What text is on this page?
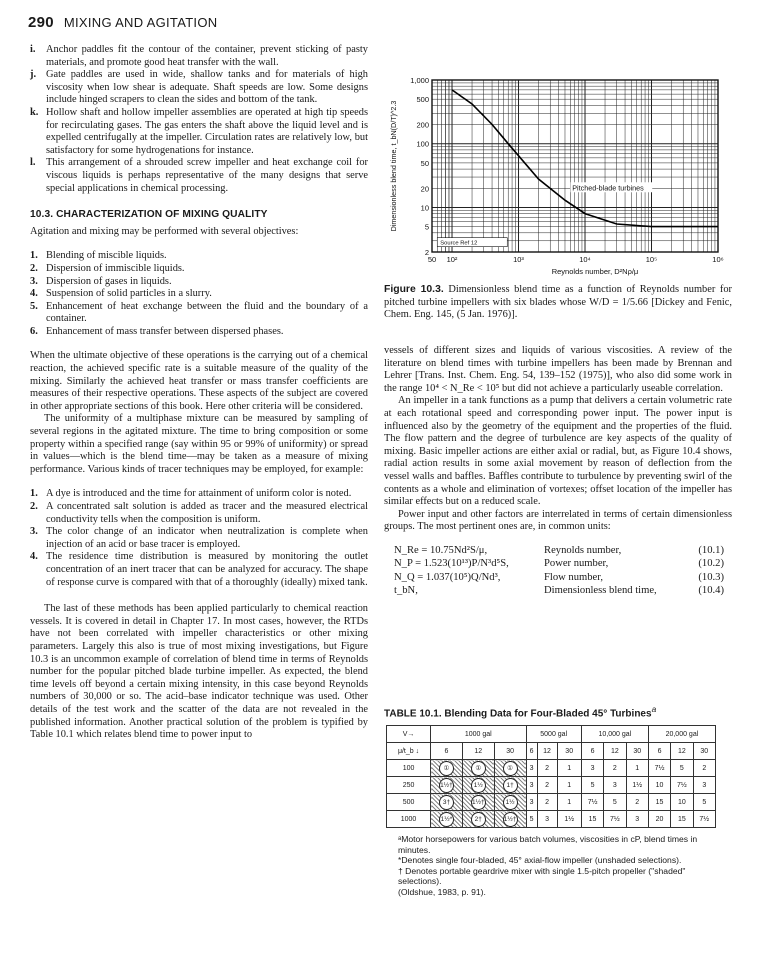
290 MIXING AND AGITATION
i. Anchor paddles fit the contour of the container, prevent sticking of pasty materials, and promote good heat transfer with the wall.
j. Gate paddles are used in wide, shallow tanks and for materials of high viscosity when low shear is adequate. Shaft speeds are low. Some designs include hinged scrapers to clean the sides and bottom of the tank.
k. Hollow shaft and hollow impeller assemblies are operated at high tip speeds for recirculating gases. The gas enters the shaft above the liquid level and is expelled centrifugally at the impeller. Circulation rates are relatively low, but satisfactory for some hydrogenations for instance.
l. This arrangement of a shrouded screw impeller and heat exchange coil for viscous liquids is perhaps representative of the many designs that serve special applications in chemical processing.
10.3. CHARACTERIZATION OF MIXING QUALITY

Agitation and mixing may be performed with several objectives:

1. Blending of miscible liquids.
2. Dispersion of immiscible liquids.
3. Dispersion of gases in liquids.
4. Suspension of solid particles in a slurry.
5. Enhancement of heat exchange between the fluid and the boundary of a container.
6. Enhancement of mass transfer between dispersed phases.

When the ultimate objective of these operations is the carrying out of a chemical reaction, the achieved specific rate is a suitable measure of the quality of the mixing. Similarly the achieved heat transfer or mass transfer coefficients are measures of their respective operations. These aspects of the subject are covered in other appropriate sections of this book. Here other criteria will be considered.

The uniformity of a multiphase mixture can be measured by sampling of several regions in the agitated mixture. The time to bring composition or some property within a specified range (say within 95 or 99% of uniformity) or spread in values—which is the blend time—may be taken as a measure of mixing performance. Various kinds of tracer techniques may be employed, for example:

1. A dye is introduced and the time for attainment of uniform color is noted.
2. A concentrated salt solution is added as tracer and the measured electrical conductivity tells when the composition is uniform.
3. The color change of an indicator when neutralization is complete when injection of an acid or base tracer is employed.
4. The residence time distribution is measured by monitoring the outlet concentration of an inert tracer that can be analyzed for accuracy. The shape of response curve is compared with that of a thoroughly (ideally) mixed tank.

The last of these methods has been applied particularly to chemical reaction vessels. It is covered in detail in Chapter 17. In most cases, however, the RTDs have not been correlated with impeller characteristics or other mixing parameters. Largely this also is true of most mixing investigations, but Figure 10.3 is an uncommon example of correlation of blend time in terms of Reynolds number for the popular pitched blade turbine impeller. As expected, the blend time levels off beyond a certain mixing intensity, in this case beyond Reynolds numbers of 30,000 or so. The acid–base indicator technique was used. Other details of the test work and the scatter of the data are not revealed in the published information. Another practical solution of the problem is typified by Table 10.1 which relates blend time to power input to

1,000
500
200
100
50
20
10
5
2
50 10²	10³	10⁴	10⁵	10⁶
Reynolds number, D²Nρ/μ
Dimensionless blend time, t_bN(D/T)^2.3	Pitched-blade turbines
Source Ref 12
Figure 10.3. Dimensionless blend time as a function of Reynolds number for pitched turbine impellers with six blades whose W/D = 1/5.66 [Dickey and Fenic, Chem. Eng. 145, (5 Jan. 1976)].

vessels of different sizes and liquids of various viscosities. A review of the literature on blend times with turbine impellers has been made by Brennan and Lehrer [Trans. Inst. Chem. Eng. 54, 139–152 (1975)], who also did some work in the range 10⁴ < N_Re < 10⁵ but did not achieve a particularly useable correlation.

An impeller in a tank functions as a pump that delivers a certain volumetric rate at each rotational speed and corresponding power input. The power input is influenced also by the geometry of the equipment and the properties of the fluid. The flow pattern and the degree of turbulence are key aspects of the quality of mixing. Basic impeller actions are either axial or radial, but, as Figure 10.4 shows, radial action results in some axial movement by reason of deflection from the vessel walls and baffles. Baffles contribute to turbulence by preventing swirl of the contents as a whole and elimination of vortexes; offset location of the impeller has similar effects but on a reduced scale.

Power input and other factors are interrelated in terms of certain dimensionless groups. The most pertinent ones are, in common units:

N_Re = 10.75Nd²S/μ,	Reynolds number,	(10.1)
N_P = 1.523(10¹³)P/N³d⁵S,	Power number,	(10.2)
N_Q = 1.037(10⁵)Q/Nd³,	Flow number,	(10.3)
t_bN,	Dimensionless blend time,	(10.4)
TABLE 10.1. Blending Data for Four-Bladed 45° Turbines$^a$
V→	1000 gal			5000 gal			10,000 gal			20,000 gal		
μ/t_b ↓	6	12	30	6	12	30	6	12	30	6	12	30
100	①	①	①	3	2	1	3	2	1	7½	5	2
250	1½†	1½	1†	3	2	1	5	3	1½	10	7½	3
500	3†	1½†	1½	3	2	1	7½	5	2	15	10	5
1000	1½*	2†	1½†	5	3	1½	15	7½	3	20	15	7½
ᵃMotor horsepowers for various batch volumes, viscosities in cP, blend times in minutes.
*Denotes single four-bladed, 45° axial-flow impeller (unshaded selections).
† Denotes portable geardrive mixer with single 1.5-pitch propeller ("shaded" selections).
(Oldshue, 1983, p. 91).
